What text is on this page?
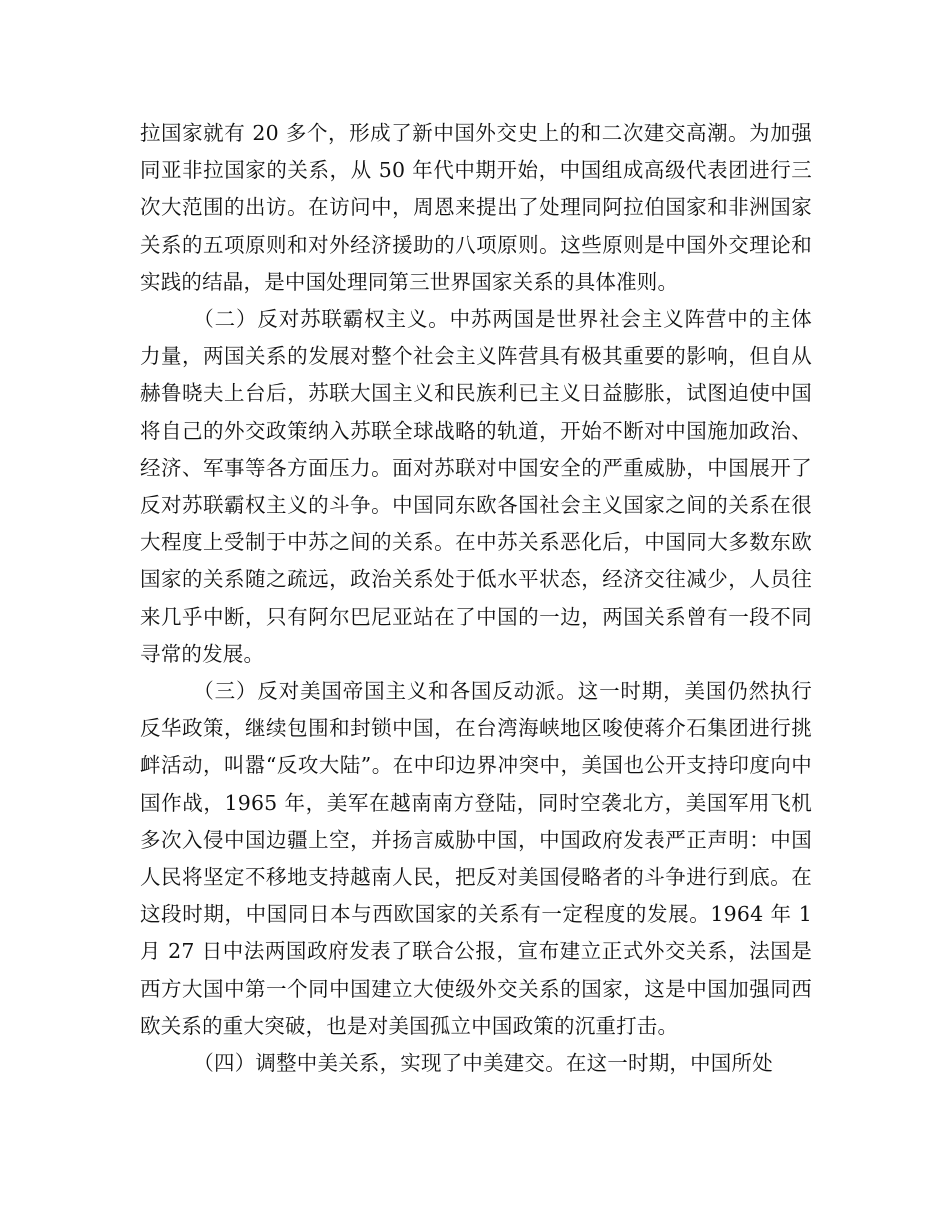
拉国家就有 20 多个，形成了新中国外交史上的和二次建交高潮。为加强同亚非拉国家的关系，从 50 年代中期开始，中国组成高级代表团进行三次大范围的出访。在访问中，周恩来提出了处理同阿拉伯国家和非洲国家关系的五项原则和对外经济援助的八项原则。这些原则是中国外交理论和实践的结晶，是中国处理同第三世界国家关系的具体准则。

（二）反对苏联霸权主义。中苏两国是世界社会主义阵营中的主体力量，两国关系的发展对整个社会主义阵营具有极其重要的影响，但自从赫鲁晓夫上台后，苏联大国主义和民族利已主义日益膨胀，试图迫使中国将自己的外交政策纳入苏联全球战略的轨道，开始不断对中国施加政治、经济、军事等各方面压力。面对苏联对中国安全的严重威胁，中国展开了反对苏联霸权主义的斗争。中国同东欧各国社会主义国家之间的关系在很大程度上受制于中苏之间的关系。在中苏关系恶化后，中国同大多数东欧国家的关系随之疏远，政治关系处于低水平状态，经济交往减少，人员往来几乎中断，只有阿尔巴尼亚站在了中国的一边，两国关系曾有一段不同寻常的发展。

（三）反对美国帝国主义和各国反动派。这一时期，美国仍然执行反华政策，继续包围和封锁中国，在台湾海峡地区唆使蒋介石集团进行挑衅活动，叫嚣“反攻大陆”。在中印边界冲突中，美国也公开支持印度向中国作战，1965 年，美军在越南南方登陆，同时空袭北方，美国军用飞机多次入侵中国边疆上空，并扬言威胁中国，中国政府发表严正声明：中国人民将坚定不移地支持越南人民，把反对美国侵略者的斗争进行到底。在这段时期，中国同日本与西欧国家的关系有一定程度的发展。1964 年 1 月 27 日中法两国政府发表了联合公报，宣布建立正式外交关系，法国是西方大国中第一个同中国建立大使级外交关系的国家，这是中国加强同西欧关系的重大突破，也是对美国孤立中国政策的沉重打击。

（四）调整中美关系，实现了中美建交。在这一时期，中国所处
